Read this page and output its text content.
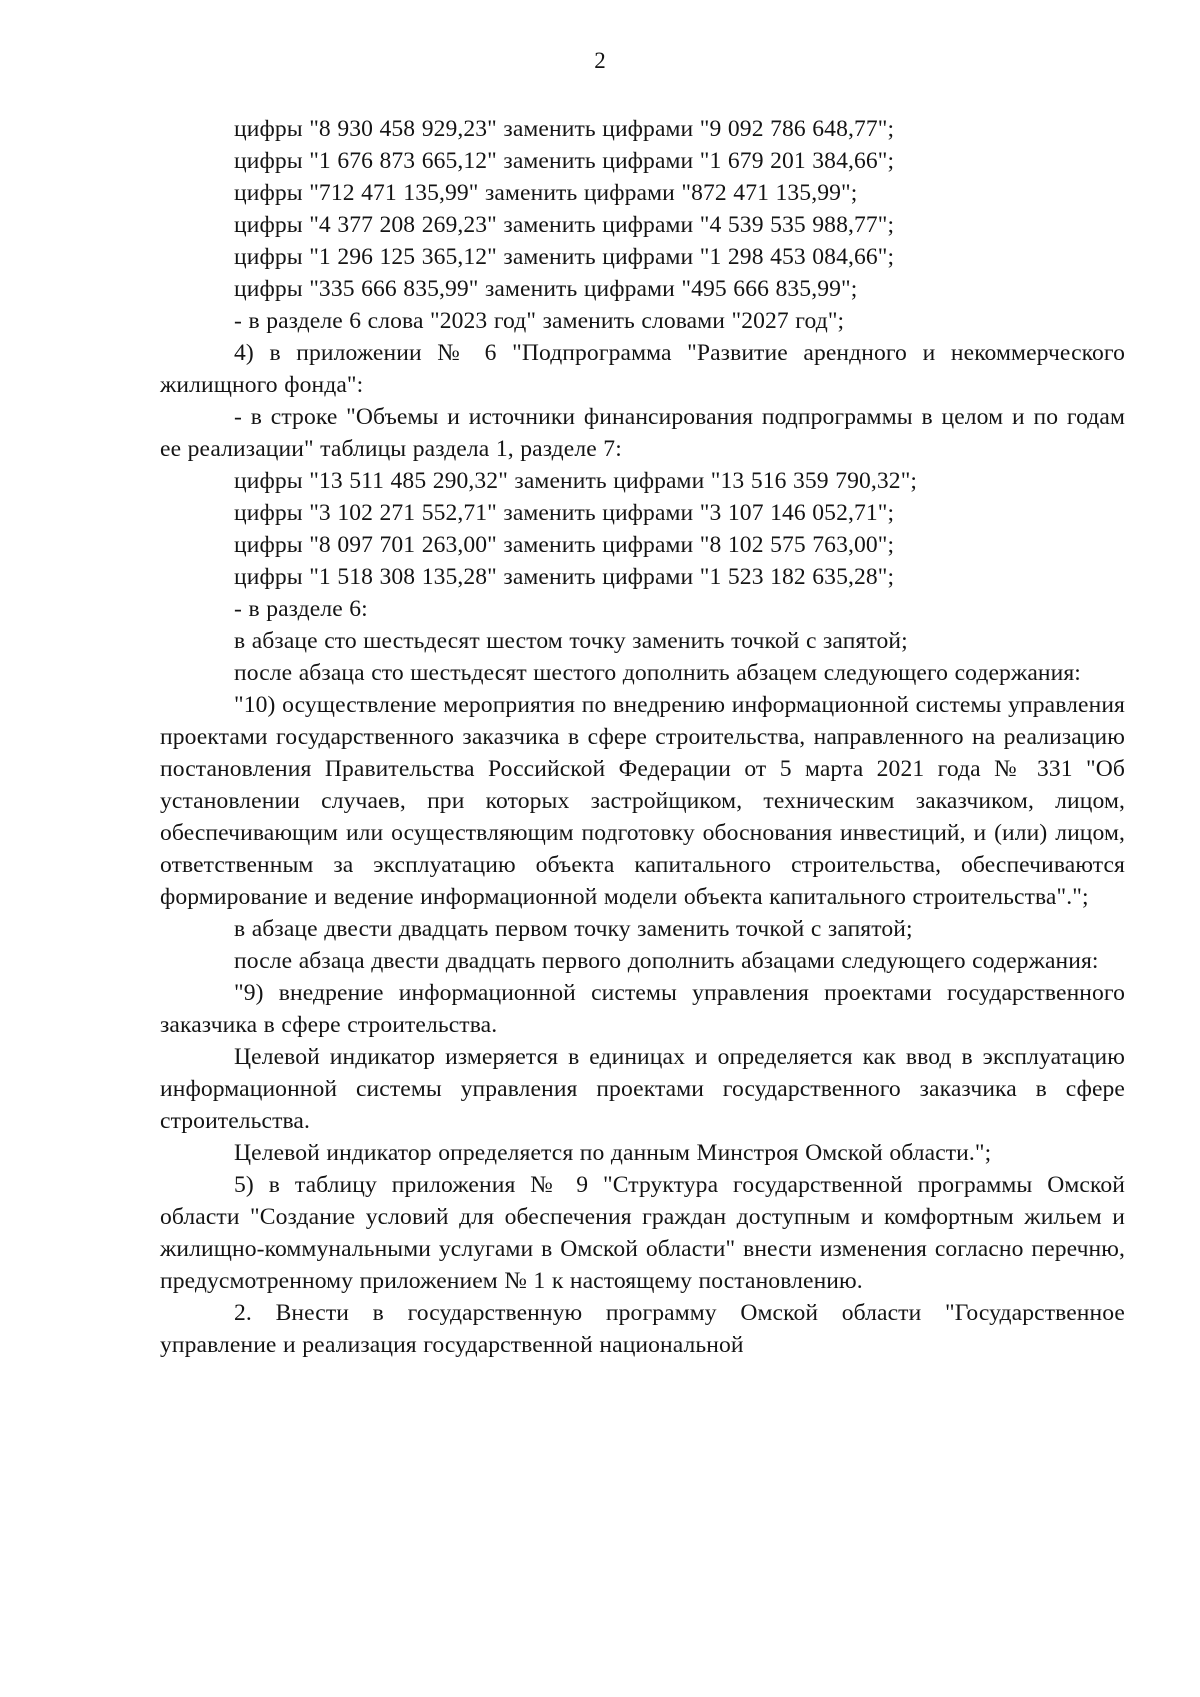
2

цифры "8 930 458 929,23" заменить цифрами "9 092 786 648,77";

цифры "1 676 873 665,12" заменить цифрами "1 679 201 384,66";

цифры "712 471 135,99" заменить цифрами "872 471 135,99";

цифры "4 377 208 269,23" заменить цифрами "4 539 535 988,77";

цифры "1 296 125 365,12" заменить цифрами "1 298 453 084,66";

цифры "335 666 835,99" заменить цифрами "495 666 835,99";

- в разделе 6 слова "2023 год" заменить словами "2027 год";

4) в приложении № 6 "Подпрограмма "Развитие арендного и некоммерческого жилищного фонда":

- в строке "Объемы и источники финансирования подпрограммы в целом и по годам ее реализации" таблицы раздела 1, разделе 7:

цифры "13 511 485 290,32" заменить цифрами "13 516 359 790,32";

цифры "3 102 271 552,71" заменить цифрами "3 107 146 052,71";

цифры "8 097 701 263,00" заменить цифрами "8 102 575 763,00";

цифры "1 518 308 135,28" заменить цифрами "1 523 182 635,28";

- в разделе 6:

в абзаце сто шестьдесят шестом точку заменить точкой с запятой;

после абзаца сто шестьдесят шестого дополнить абзацем следующего содержания:

"10) осуществление мероприятия по внедрению информационной системы управления проектами государственного заказчика в сфере строительства, направленного на реализацию постановления Правительства Российской Федерации от 5 марта 2021 года № 331 "Об установлении случаев, при которых застройщиком, техническим заказчиком, лицом, обеспечивающим или осуществляющим подготовку обоснования инвестиций, и (или) лицом, ответственным за эксплуатацию объекта капитального строительства, обеспечиваются формирование и ведение информационной модели объекта капитального строительства".";

в абзаце двести двадцать первом точку заменить точкой с запятой;

после абзаца двести двадцать первого дополнить абзацами следующего содержания:

"9) внедрение информационной системы управления проектами государственного заказчика в сфере строительства.

Целевой индикатор измеряется в единицах и определяется как ввод в эксплуатацию информационной системы управления проектами государственного заказчика в сфере строительства.

Целевой индикатор определяется по данным Минстроя Омской области.";

5) в таблицу приложения № 9 "Структура государственной программы Омской области "Создание условий для обеспечения граждан доступным и комфортным жильем и жилищно-коммунальными услугами в Омской области" внести изменения согласно перечню, предусмотренному приложением № 1 к настоящему постановлению.

2. Внести в государственную программу Омской области "Государственное управление и реализация государственной национальной
